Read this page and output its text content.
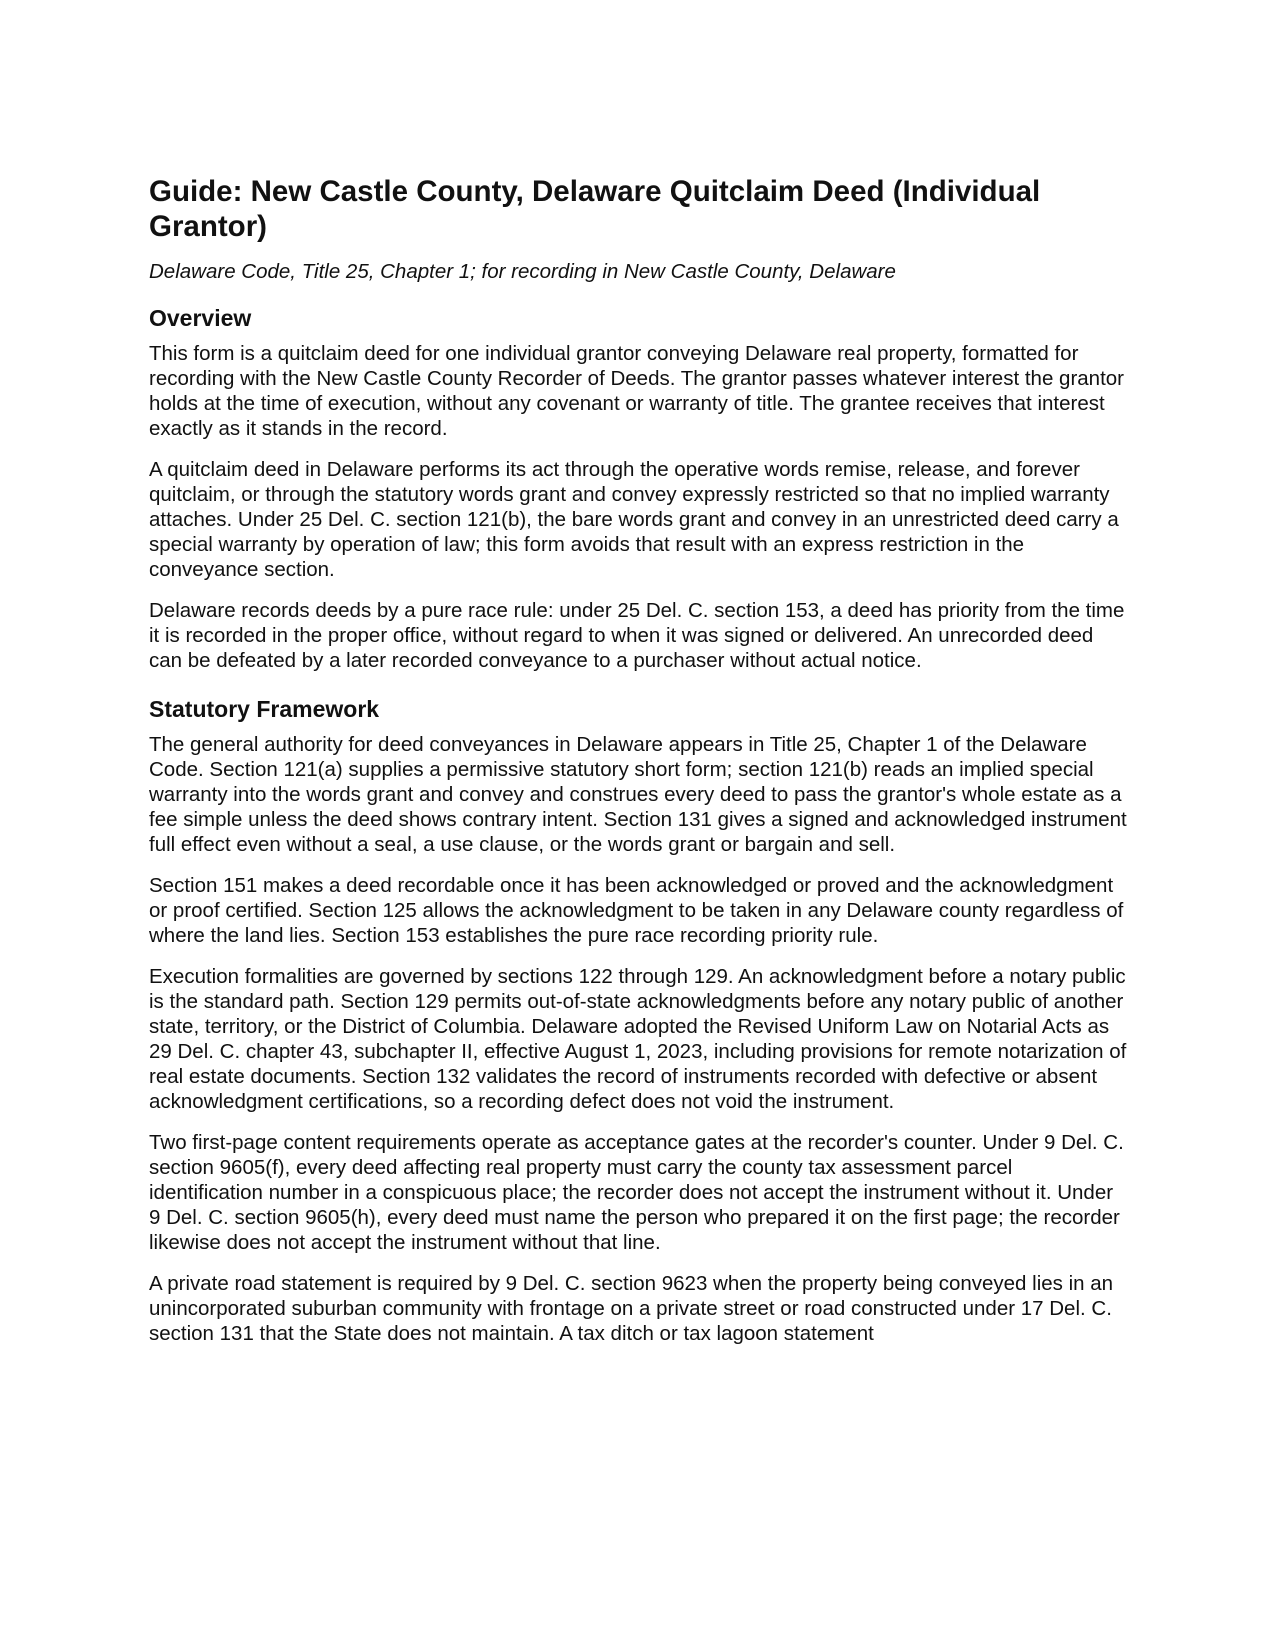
Guide: New Castle County, Delaware Quitclaim Deed (Individual Grantor)

Delaware Code, Title 25, Chapter 1; for recording in New Castle County, Delaware

Overview

This form is a quitclaim deed for one individual grantor conveying Delaware real property, formatted for recording with the New Castle County Recorder of Deeds. The grantor passes whatever interest the grantor holds at the time of execution, without any covenant or warranty of title. The grantee receives that interest exactly as it stands in the record.

A quitclaim deed in Delaware performs its act through the operative words remise, release, and forever quitclaim, or through the statutory words grant and convey expressly restricted so that no implied warranty attaches. Under 25 Del. C. section 121(b), the bare words grant and convey in an unrestricted deed carry a special warranty by operation of law; this form avoids that result with an express restriction in the conveyance section.

Delaware records deeds by a pure race rule: under 25 Del. C. section 153, a deed has priority from the time it is recorded in the proper office, without regard to when it was signed or delivered. An unrecorded deed can be defeated by a later recorded conveyance to a purchaser without actual notice.

Statutory Framework

The general authority for deed conveyances in Delaware appears in Title 25, Chapter 1 of the Delaware Code. Section 121(a) supplies a permissive statutory short form; section 121(b) reads an implied special warranty into the words grant and convey and construes every deed to pass the grantor's whole estate as a fee simple unless the deed shows contrary intent. Section 131 gives a signed and acknowledged instrument full effect even without a seal, a use clause, or the words grant or bargain and sell.

Section 151 makes a deed recordable once it has been acknowledged or proved and the acknowledgment or proof certified. Section 125 allows the acknowledgment to be taken in any Delaware county regardless of where the land lies. Section 153 establishes the pure race recording priority rule.

Execution formalities are governed by sections 122 through 129. An acknowledgment before a notary public is the standard path. Section 129 permits out-of-state acknowledgments before any notary public of another state, territory, or the District of Columbia. Delaware adopted the Revised Uniform Law on Notarial Acts as 29 Del. C. chapter 43, subchapter II, effective August 1, 2023, including provisions for remote notarization of real estate documents. Section 132 validates the record of instruments recorded with defective or absent acknowledgment certifications, so a recording defect does not void the instrument.

Two first-page content requirements operate as acceptance gates at the recorder's counter. Under 9 Del. C. section 9605(f), every deed affecting real property must carry the county tax assessment parcel identification number in a conspicuous place; the recorder does not accept the instrument without it. Under 9 Del. C. section 9605(h), every deed must name the person who prepared it on the first page; the recorder likewise does not accept the instrument without that line.

A private road statement is required by 9 Del. C. section 9623 when the property being conveyed lies in an unincorporated suburban community with frontage on a private street or road constructed under 17 Del. C. section 131 that the State does not maintain. A tax ditch or tax lagoon statement
